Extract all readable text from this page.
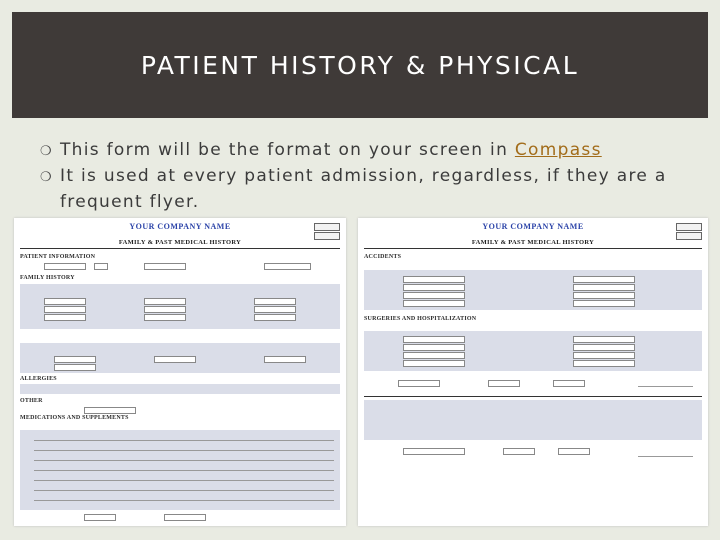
PATIENT HISTORY & PHYSICAL
❍ This form will be the format on your screen in Compass
❍ It is used at every patient admission, regardless, if they are a
frequent flyer.
YOUR COMPANY NAME
FAMILY & PAST MEDICAL HISTORY
PATIENT INFORMATION
FAMILY HISTORY
ALLERGIES
OTHER
MEDICATIONS AND SUPPLEMENTS
YOUR COMPANY NAME
FAMILY & PAST MEDICAL HISTORY
ACCIDENTS
SURGERIES AND HOSPITALIZATION
